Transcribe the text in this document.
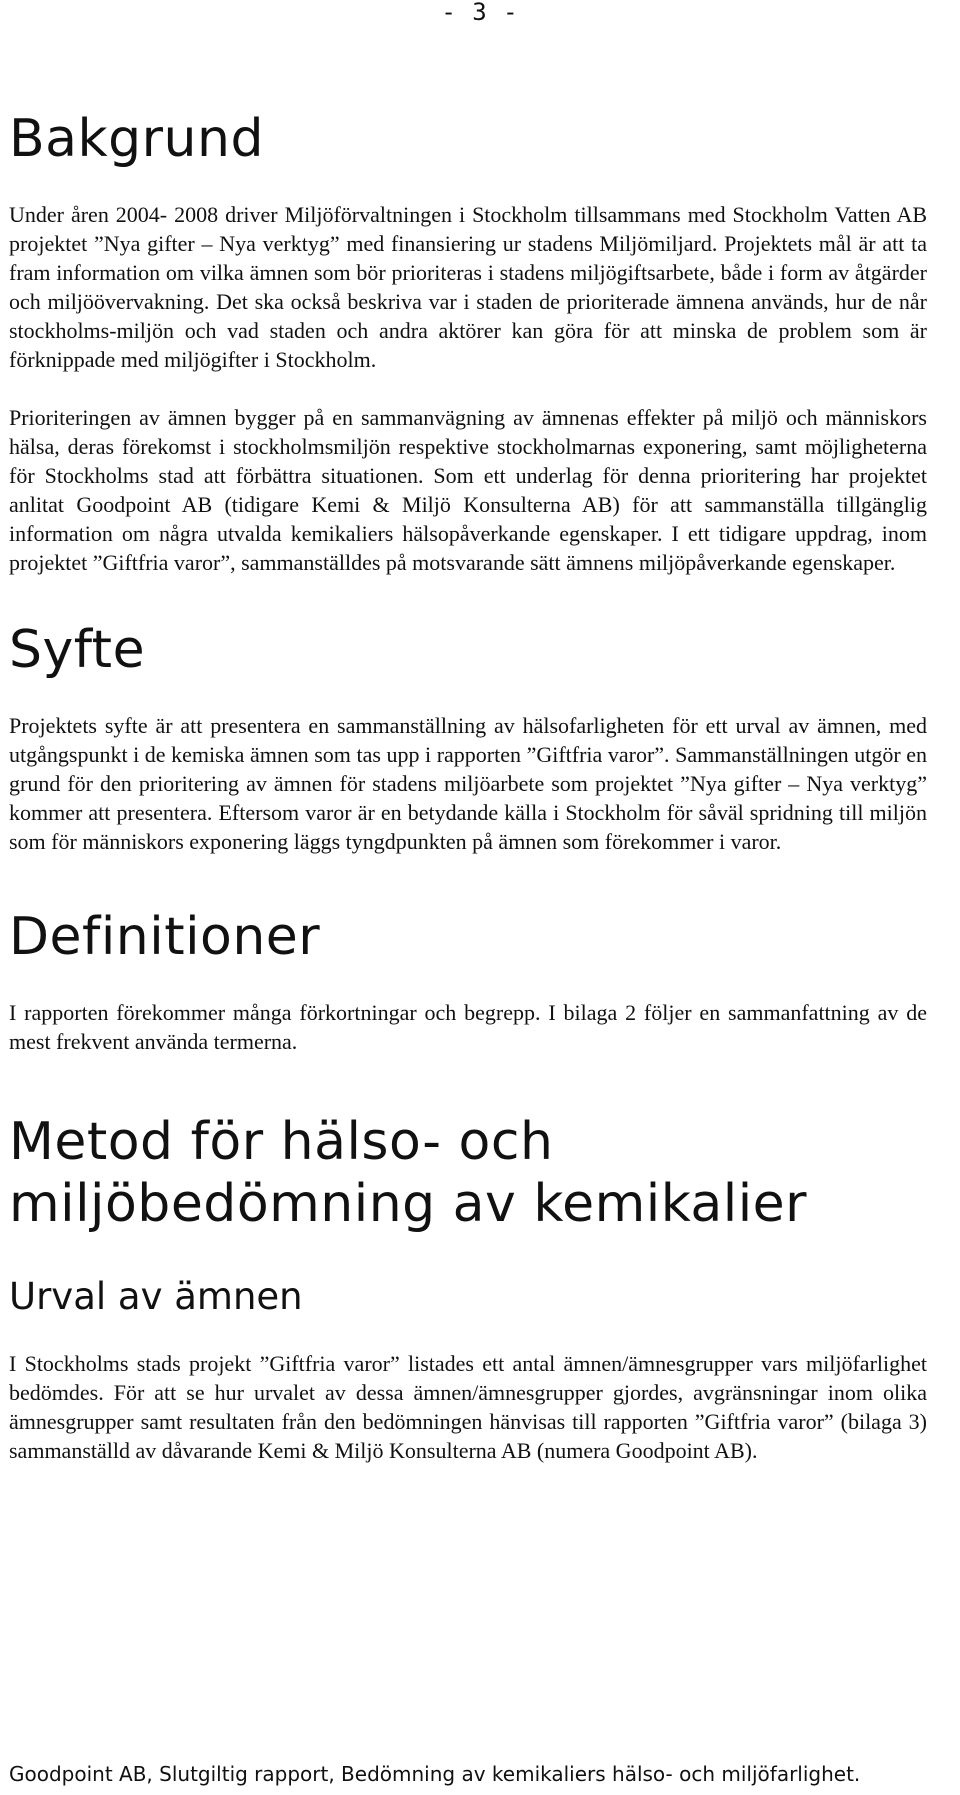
- 3 -
Bakgrund

Under åren 2004- 2008 driver Miljöförvaltningen i Stockholm tillsammans med Stockholm Vatten AB projektet ”Nya gifter – Nya verktyg” med finansiering ur stadens Miljömiljard. Projektets mål är att ta fram information om vilka ämnen som bör prioriteras i stadens miljögiftsarbete, både i form av åtgärder och miljöövervakning. Det ska också beskriva var i staden de prioriterade ämnena används, hur de når stockholms-miljön och vad staden och andra aktörer kan göra för att minska de problem som är förknippade med miljögifter i Stockholm.

Prioriteringen av ämnen bygger på en sammanvägning av ämnenas effekter på miljö och människors hälsa, deras förekomst i stockholmsmiljön respektive stockholmarnas exponering, samt möjligheterna för Stockholms stad att förbättra situationen. Som ett underlag för denna prioritering har projektet anlitat Goodpoint AB (tidigare Kemi & Miljö Konsulterna AB) för att sammanställa tillgänglig information om några utvalda kemikaliers hälsopåverkande egenskaper. I ett tidigare uppdrag, inom projektet ”Giftfria varor”, sammanställdes på motsvarande sätt ämnens miljöpåverkande egenskaper.

Syfte

Projektets syfte är att presentera en sammanställning av hälsofarligheten för ett urval av ämnen, med utgångspunkt i de kemiska ämnen som tas upp i rapporten ”Giftfria varor”. Sammanställningen utgör en grund för den prioritering av ämnen för stadens miljöarbete som projektet ”Nya gifter – Nya verktyg” kommer att presentera. Eftersom varor är en betydande källa i Stockholm för såväl spridning till miljön som för människors exponering läggs tyngdpunkten på ämnen som förekommer i varor.

Definitioner

I rapporten förekommer många förkortningar och begrepp. I bilaga 2 följer en sammanfattning av de mest frekvent använda termerna.

Metod för hälso- och miljöbedömning av kemikalier
Urval av ämnen

I Stockholms stads projekt ”Giftfria varor” listades ett antal ämnen/ämnesgrupper vars miljöfarlighet bedömdes. För att se hur urvalet av dessa ämnen/ämnesgrupper gjordes, avgränsningar inom olika ämnesgrupper samt resultaten från den bedömningen hänvisas till rapporten ”Giftfria varor” (bilaga 3) sammanställd av dåvarande Kemi & Miljö Konsulterna AB (numera Goodpoint AB).

Goodpoint AB, Slutgiltig rapport, Bedömning av kemikaliers hälso- och miljöfarlighet.
